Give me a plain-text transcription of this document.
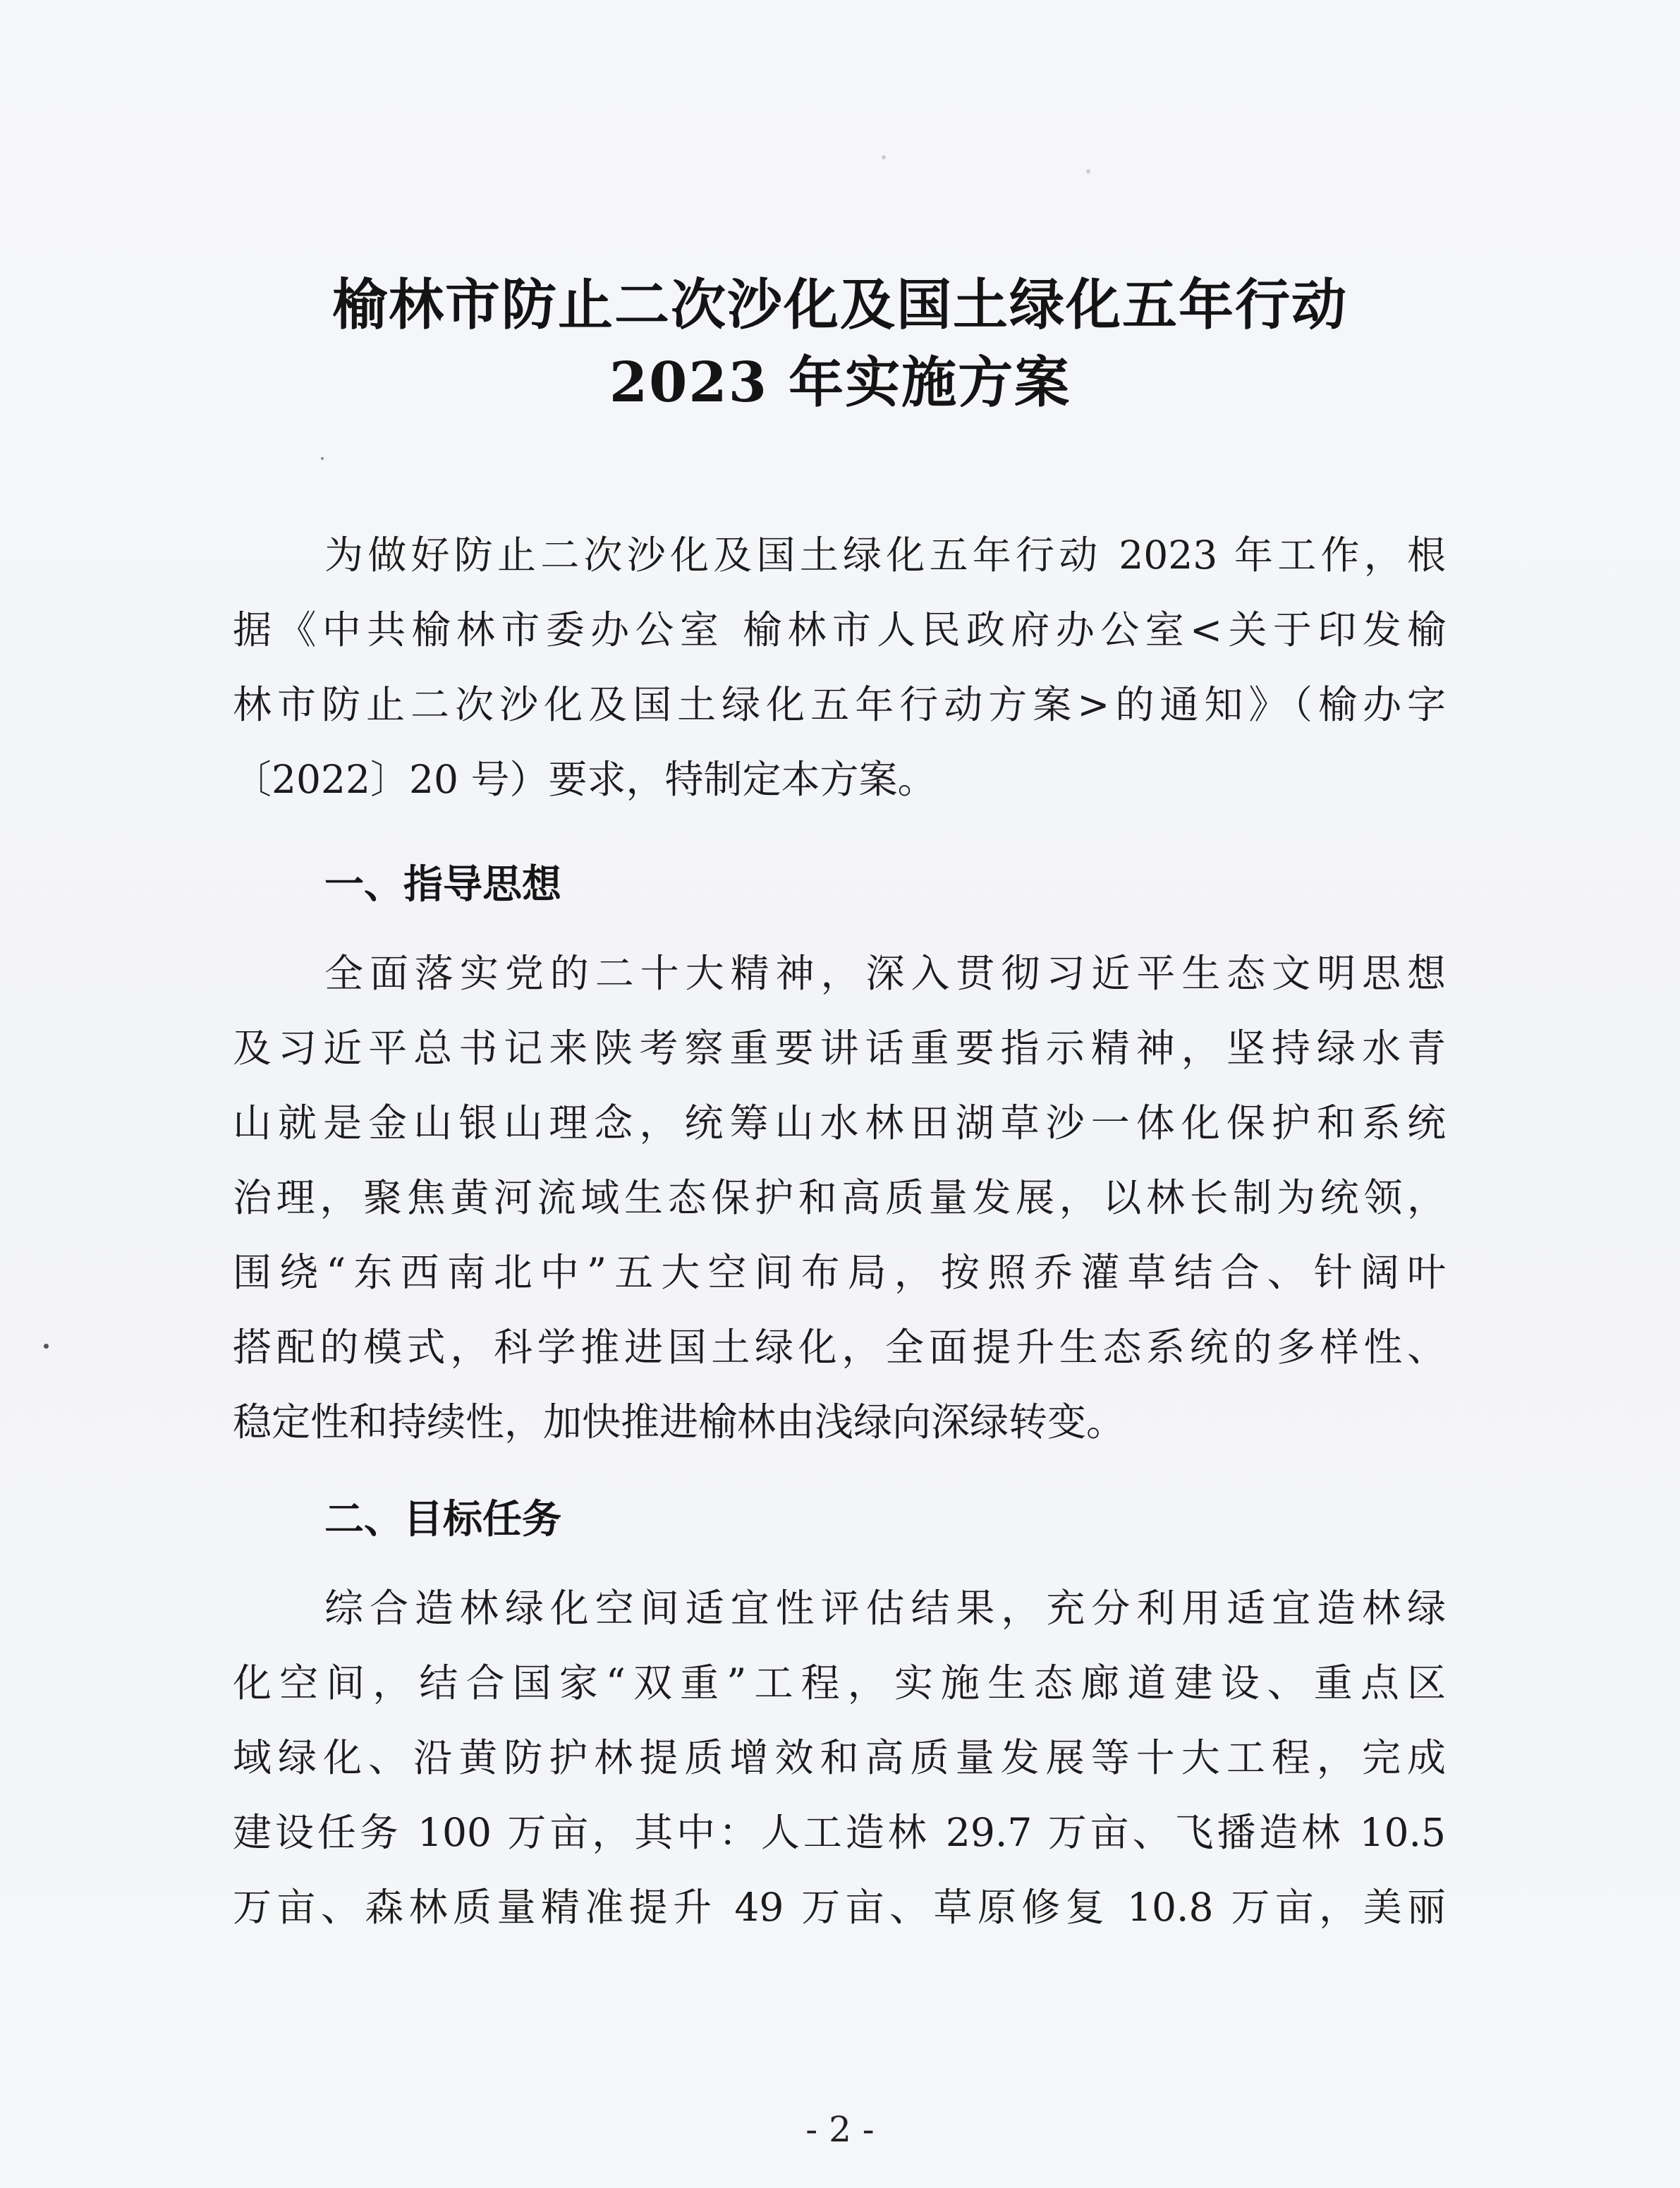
榆林市防止二次沙化及国土绿化五年行动
2023 年实施方案
为做好防止二次沙化及国土绿化五年行动 2023 年工作，根
据《中共榆林市委办公室 榆林市人民政府办公室<关于印发榆
林市防止二次沙化及国土绿化五年行动方案>的通知》（榆办字
〔2022〕20 号）要求，特制定本方案。
一、指导思想
全面落实党的二十大精神，深入贯彻习近平生态文明思想
及习近平总书记来陕考察重要讲话重要指示精神，坚持绿水青
山就是金山银山理念，统筹山水林田湖草沙一体化保护和系统
治理，聚焦黄河流域生态保护和高质量发展，以林长制为统领，
围绕“东西南北中”五大空间布局，按照乔灌草结合、针阔叶
搭配的模式，科学推进国土绿化，全面提升生态系统的多样性、
稳定性和持续性，加快推进榆林由浅绿向深绿转变。
二、目标任务
综合造林绿化空间适宜性评估结果，充分利用适宜造林绿
化空间，结合国家“双重”工程，实施生态廊道建设、重点区
域绿化、沿黄防护林提质增效和高质量发展等十大工程，完成
建设任务 100 万亩，其中：人工造林 29.7 万亩、飞播造林 10.5
万亩、森林质量精准提升 49 万亩、草原修复 10.8 万亩，美丽
- 2 -
